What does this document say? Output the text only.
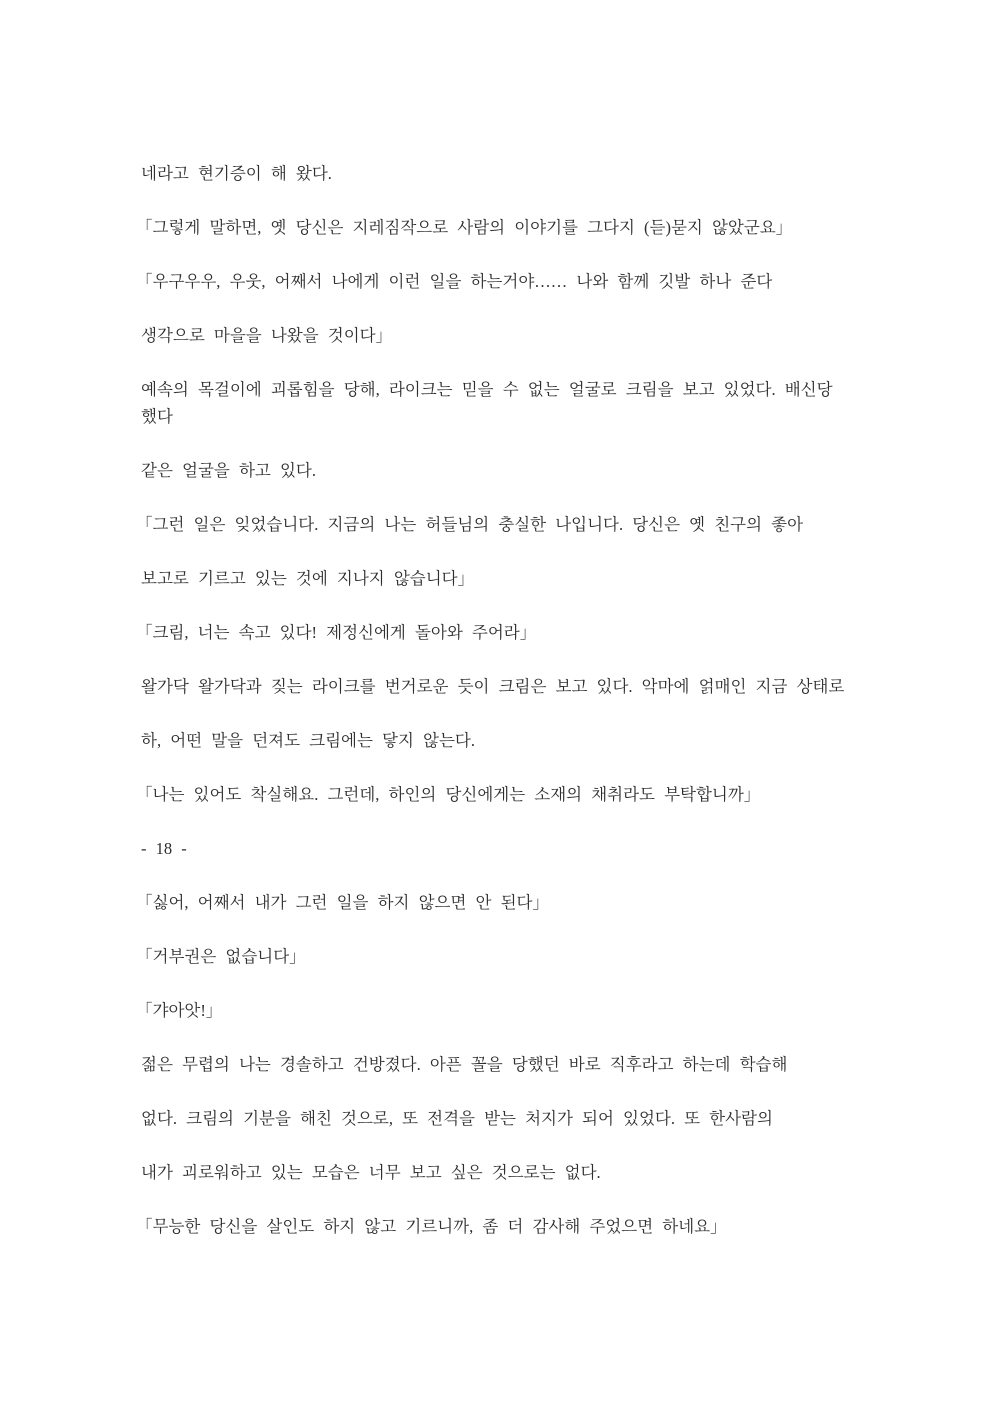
네라고 현기증이 해 왔다.

「그렇게 말하면, 옛 당신은 지레짐작으로 사람의 이야기를 그다지 (듣)묻지 않았군요」

「우구우우, 우웃, 어째서 나에게 이런 일을 하는거야…… 나와 함께 깃발 하나 준다

생각으로 마을을 나왔을 것이다」

예속의 목걸이에 괴롭힘을 당해, 라이크는 믿을 수 없는 얼굴로 크림을 보고 있었다. 배신당

했다

같은 얼굴을 하고 있다.

「그런 일은 잊었습니다. 지금의 나는 허들님의 충실한 나입니다. 당신은 옛 친구의 좋아

보고로 기르고 있는 것에 지나지 않습니다」

「크림, 너는 속고 있다! 제정신에게 돌아와 주어라」

왈가닥 왈가닥과 짖는 라이크를 번거로운 듯이 크림은 보고 있다. 악마에 얽매인 지금 상태로

하, 어떤 말을 던져도 크림에는 닿지 않는다.

「나는 있어도 착실해요. 그런데, 하인의 당신에게는 소재의 채취라도 부탁합니까」

- 18 -

「싫어, 어째서 내가 그런 일을 하지 않으면 안 된다」

「거부권은 없습니다」

「갸아앗!」

젊은 무렵의 나는 경솔하고 건방졌다. 아픈 꼴을 당했던 바로 직후라고 하는데 학습해

없다. 크림의 기분을 해친 것으로, 또 전격을 받는 처지가 되어 있었다. 또 한사람의

내가 괴로워하고 있는 모습은 너무 보고 싶은 것으로는 없다.

「무능한 당신을 살인도 하지 않고 기르니까, 좀 더 감사해 주었으면 하네요」
